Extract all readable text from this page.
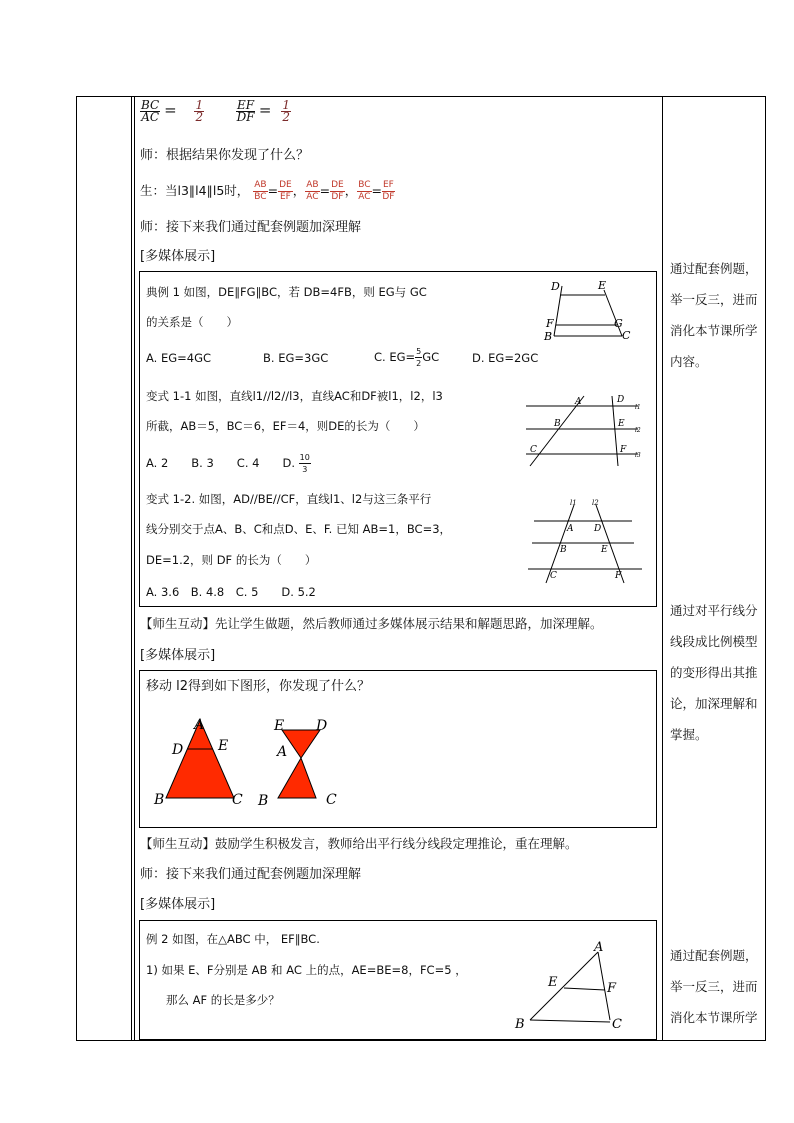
$\frac{BC}{AC} = \frac{1}{2}$	$\frac{EF}{DF} = \frac{1}{2}$
师：根据结果你发现了什么？
生：当l3∥l4∥l5时， $\frac{AB}{BC} = \frac{DE}{EF}$ ， $\frac{AB}{AC} = \frac{DE}{DF}$ ， $\frac{BC}{AC} = \frac{EF}{DF}$
师：接下来我们通过配套例题加深理解
[多媒体展示]
典例 1 如图，DE∥FG∥BC，若 DB=4FB，则 EG与 GC
的关系是（　　）
A. EG=4GC	B. EG=3GC	C. $EG= \frac{5}{2}$ GC	D. EG=2GC
D	E
F	G
B	C
变式 1-1 如图，直线l1//l2//l3，直线AC和DF被l1，l2，l3
所截，AB＝5，BC＝6，EF＝4，则DE的长为（　　）
A. 2　　B. 3　　C. 4　　D. $\frac{10}{3}$
A	D
B	E
C	F
l1
l2
l3
变式 1-2. 如图，AD//BE//CF，直线l1、l2与这三条平行
线分别交于点A、B、C和点D、E、F. 已知 AB=1，BC=3，
DE=1.2，则 DF 的长为（　　）
A. 3.6　B. 4.8　C. 5　　D. 5.2
l1 l2
A D
B	E
C	F
【师生互动】先让学生做题，然后教师通过多媒体展示结果和解题思路，加深理解。
[多媒体展示]
移动 l2得到如下图形，你发现了什么？
A
D E
B	C
E D
A
B	C
【师生互动】鼓励学生积极发言，教师给出平行线分线段定理推论，重在理解。
师：接下来我们通过配套例题加深理解
[多媒体展示]
例 2 如图，在△ABC 中， EF∥BC.
1) 如果 E、F分别是 AB 和 AC 上的点，AE=BE=8，FC=5 ，
那么 AF 的长是多少？
A
E	F
B	C
通过配套例题，
举一反三，进而
消化本节课所学
内容。
通过对平行线分
线段成比例模型
的变形得出其推
论，加深理解和
掌握。
通过配套例题，
举一反三，进而
消化本节课所学
